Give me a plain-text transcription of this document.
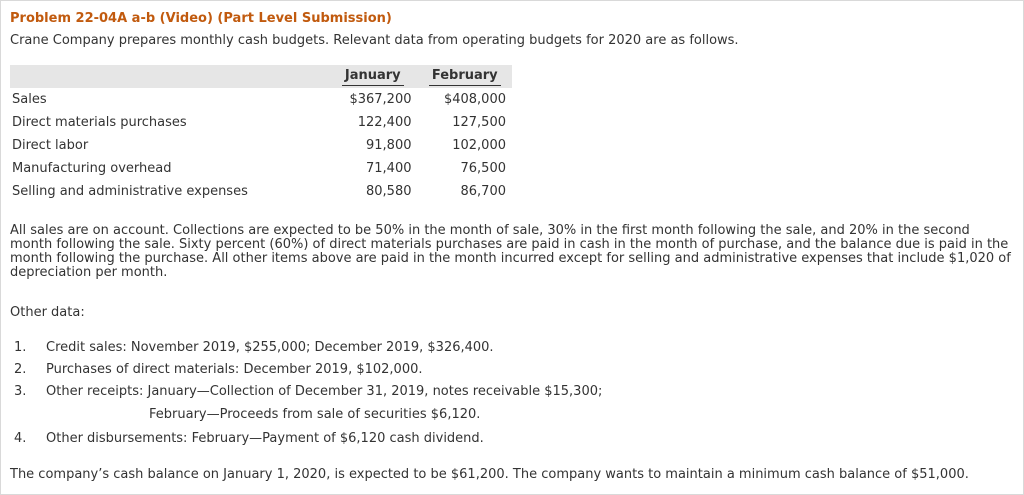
Problem 22-04A a-b (Video) (Part Level Submission)
Crane Company prepares monthly cash budgets. Relevant data from operating budgets for 2020 are as follows.
	January	February
Sales	$367,200	$408,000
Direct materials purchases	122,400	127,500
Direct labor	91,800	102,000
Manufacturing overhead	71,400	76,500
Selling and administrative expenses	80,580	86,700
All sales are on account. Collections are expected to be 50% in the month of sale, 30% in the first month following the sale, and 20% in the second month following the sale. Sixty percent (60%) of direct materials purchases are paid in cash in the month of purchase, and the balance due is paid in the month following the purchase. All other items above are paid in the month incurred except for selling and administrative expenses that include $1,020 of depreciation per month.
Other data:
1.	Credit sales: November 2019, $255,000; December 2019, $326,400.
2.	Purchases of direct materials: December 2019, $102,000.
3.	Other receipts: January—Collection of December 31, 2019, notes receivable $15,300;
February—Proceeds from sale of securities $6,120.
4.	Other disbursements: February—Payment of $6,120 cash dividend.
The company’s cash balance on January 1, 2020, is expected to be $61,200. The company wants to maintain a minimum cash balance of $51,000.
